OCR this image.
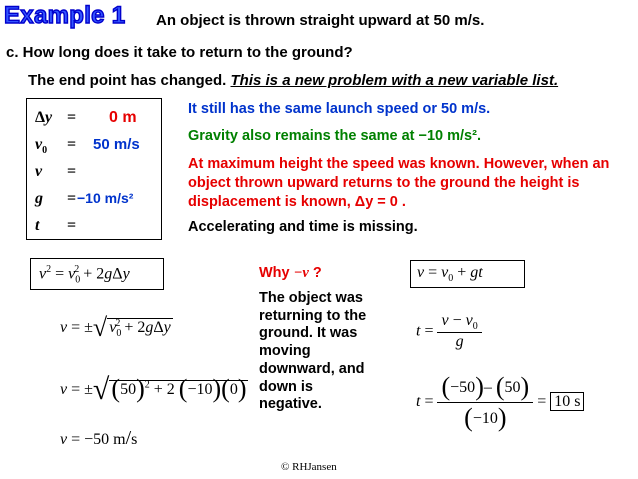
Example 1 An object is thrown straight upward at 50 m/s.
c. How long does it take to return to the ground?
The end point has changed. This is a new problem with a new variable list.
Δy = 0 m
$v_0 = 50$ m/s
v =
g = −10 m/s²
t =
It still has the same launch speed or 50 m/s.
Gravity also remains the same at −10 m/s².
At maximum height the speed was known. However, when an object thrown upward returns to the ground the height is displacement is known, Δy = 0 .
Accelerating and time is missing.
$v^2 = v_0^2 + 2g\Delta y$
v = ±√ $v_0^2 + 2g\Delta y$
$v = \pm√(50)^2 + 2$ (−10)(0)
v = −50 m/s
Why −v ?
The object was returning to the ground. It was moving downward, and down is negative.
$v = v_0$ + gt
$t = \frac{v - v_0}{g}$
$t = \frac{(-50)- (50)}{(-10)} = 10$ s
© RHJansen
